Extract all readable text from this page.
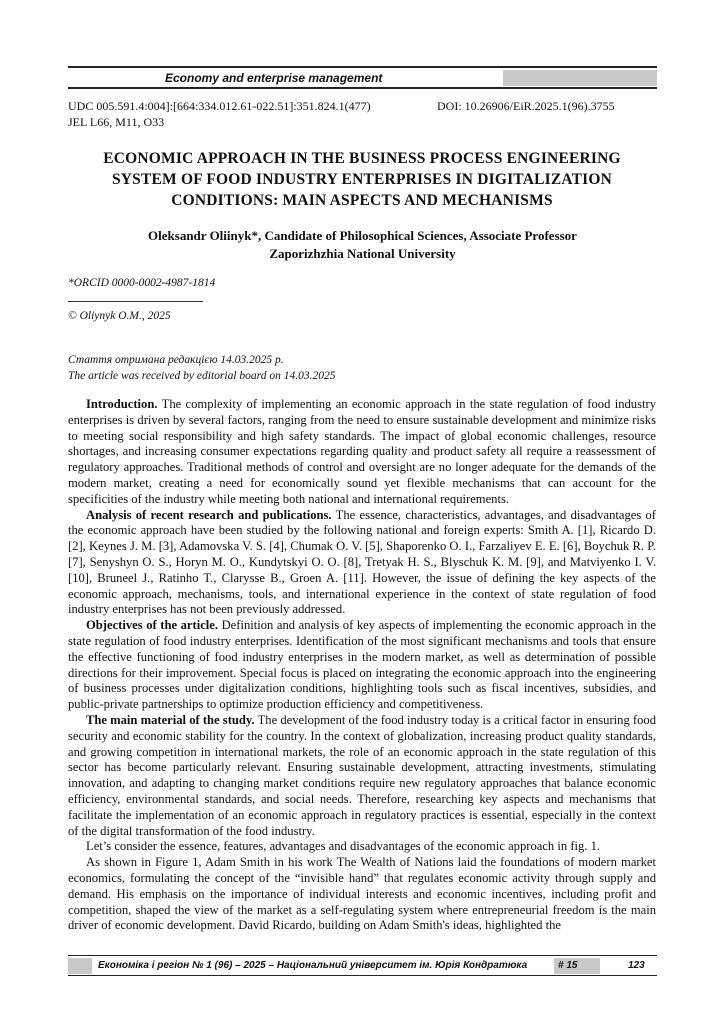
Economy and enterprise management
UDC 005.591.4:004]:[664:334.012.61-022.51]:351.824.1(477)	DOI: 10.26906/EiR.2025.1(96).3755
JEL L66, M11, O33
ECONOMIC APPROACH IN THE BUSINESS PROCESS ENGINEERING
SYSTEM OF FOOD INDUSTRY ENTERPRISES IN DIGITALIZATION
CONDITIONS: MAIN ASPECTS AND MECHANISMS
Oleksandr Oliinyk*, Candidate of Philosophical Sciences, Associate Professor
Zaporizhzhia National University
*ORCID 0000-0002-4987-1814
© Oliynyk O.M., 2025
Стаття отримана редакцією 14.03.2025 р.
The article was received by editorial board on 14.03.2025

Introduction. The complexity of implementing an economic approach in the state regulation of food industry enterprises is driven by several factors, ranging from the need to ensure sustainable development and minimize risks to meeting social responsibility and high safety standards. The impact of global economic challenges, resource shortages, and increasing consumer expectations regarding quality and product safety all require a reassessment of regulatory approaches. Traditional methods of control and oversight are no longer adequate for the demands of the modern market, creating a need for economically sound yet flexible mechanisms that can account for the specificities of the industry while meeting both national and international requirements.

Analysis of recent research and publications. The essence, characteristics, advantages, and disadvantages of the economic approach have been studied by the following national and foreign experts: Smith A. [1], Ricardo D. [2], Keynes J. M. [3], Adamovska V. S. [4], Chumak O. V. [5], Shaporenko O. I., Farzaliyev E. E. [6], Boychuk R. P. [7], Senyshyn O. S., Horyn M. O., Kundytskyi O. O. [8], Tretyak H. S., Blyschuk K. M. [9], and Matviyenko I. V. [10], Bruneel J., Ratinho T., Clarysse B., Groen A. [11]. However, the issue of defining the key aspects of the economic approach, mechanisms, tools, and international experience in the context of state regulation of food industry enterprises has not been previously addressed.

Objectives of the article. Definition and analysis of key aspects of implementing the economic approach in the state regulation of food industry enterprises. Identification of the most significant mechanisms and tools that ensure the effective functioning of food industry enterprises in the modern market, as well as determination of possible directions for their improvement. Special focus is placed on integrating the economic approach into the engineering of business processes under digitalization conditions, highlighting tools such as fiscal incentives, subsidies, and public-private partnerships to optimize production efficiency and competitiveness.

The main material of the study. The development of the food industry today is a critical factor in ensuring food security and economic stability for the country. In the context of globalization, increasing product quality standards, and growing competition in international markets, the role of an economic approach in the state regulation of this sector has become particularly relevant. Ensuring sustainable development, attracting investments, stimulating innovation, and adapting to changing market conditions require new regulatory approaches that balance economic efficiency, environmental standards, and social needs. Therefore, researching key aspects and mechanisms that facilitate the implementation of an economic approach in regulatory practices is essential, especially in the context of the digital transformation of the food industry.

Let’s consider the essence, features, advantages and disadvantages of the economic approach in fig. 1.

As shown in Figure 1, Adam Smith in his work The Wealth of Nations laid the foundations of modern market economics, formulating the concept of the “invisible hand” that regulates economic activity through supply and demand. His emphasis on the importance of individual interests and economic incentives, including profit and competition, shaped the view of the market as a self-regulating system where entrepreneurial freedom is the main driver of economic development. David Ricardo, building on Adam Smith's ideas, highlighted the

Економіка і регіон № 1 (96) – 2025 – Національний університет ім. Юрія Кондратюка	# 15	123
